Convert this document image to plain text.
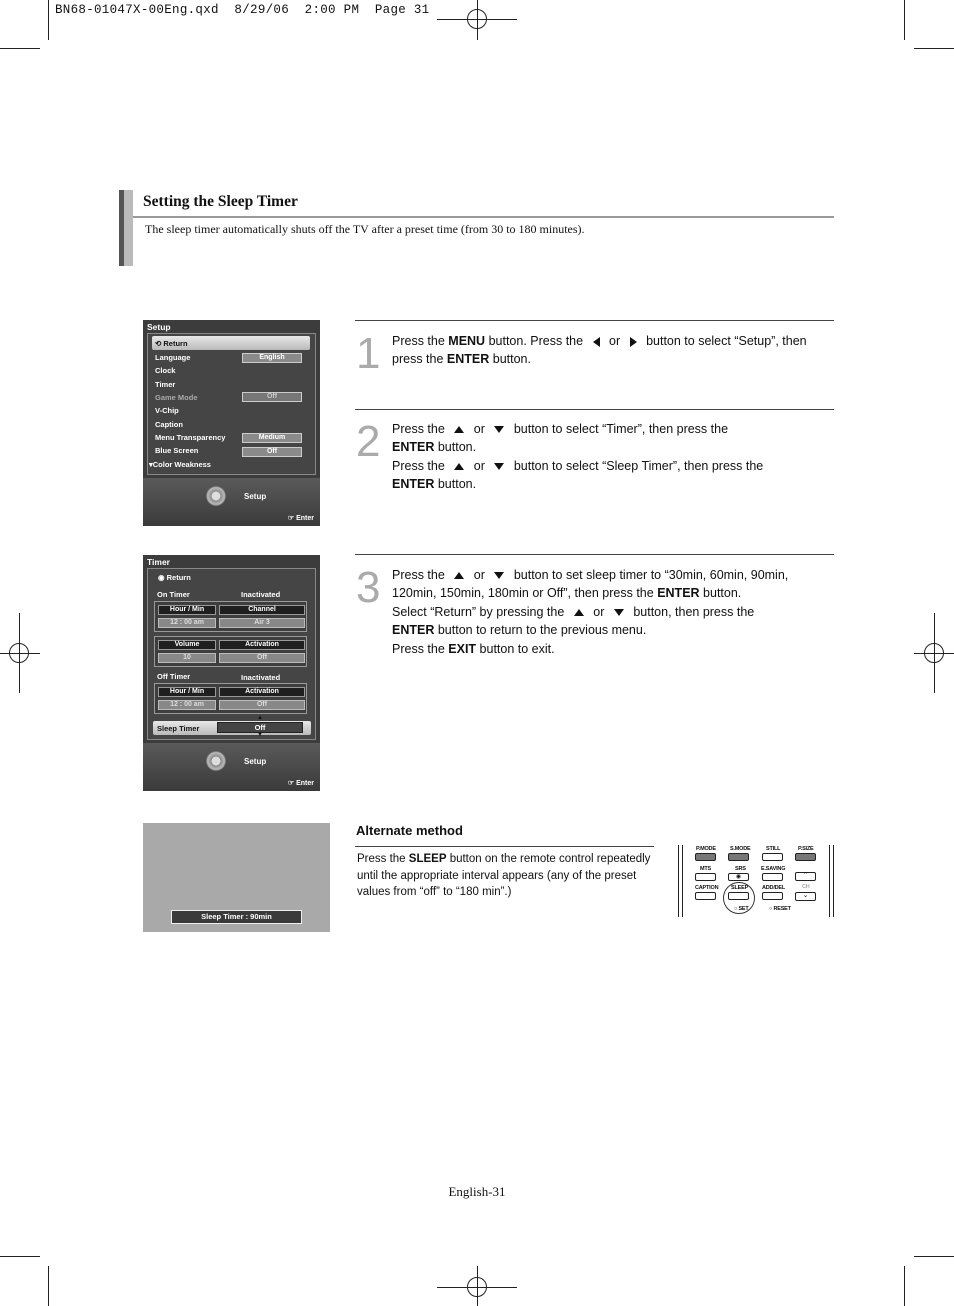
BN68-01047X-00Eng.qxd  8/29/06  2:00 PM  Page 31
Setting the Sleep Timer
The sleep timer automatically shuts off the TV after a preset time (from 30 to 180 minutes).
Setup
⟲ Return
Language	English
Clock
Timer
Game Mode	Off
V-Chip
Caption
Menu Transparency	Medium
Blue Screen	Off
▾Color Weakness
Setup
☞ Enter
Timer
◉ Return
On Timer	Inactivated
Hour / Min	Channel
12 : 00 am	Air 3
Volume	Activation
10	Off
Off Timer	Inactivated
Hour / Min	Activation
12 : 00 am	Off
Sleep Timer	Off
▲
▼
Setup
☞ Enter
1 Press the MENU button. Press the  or  button to select “Setup”, then press the ENTER button.
2 Press the  or  button to select “Timer”, then press the
ENTER button.
Press the  or  button to select “Sleep Timer”, then press the
ENTER button.
3 Press the  or  button to set sleep timer to “30min, 60min, 90min, 120min, 150min, 180min or Off”, then press the ENTER button.
Select “Return” by pressing the  or  button, then press the
ENTER button to return to the previous menu.
Press the EXIT button to exit.
Sleep Timer : 90min
Alternate method
Press the SLEEP button on the remote control repeatedly until the appropriate interval appears (any of the preset values from “off” to “180 min”.)
P.MODE	S.MODE	STILL	P.SIZE
MTS	SRS	E.SAVING
◉	⌃
CAPTION SLEEP	ADD/DEL	CH
⌄
○ SET	○ RESET
English-31
